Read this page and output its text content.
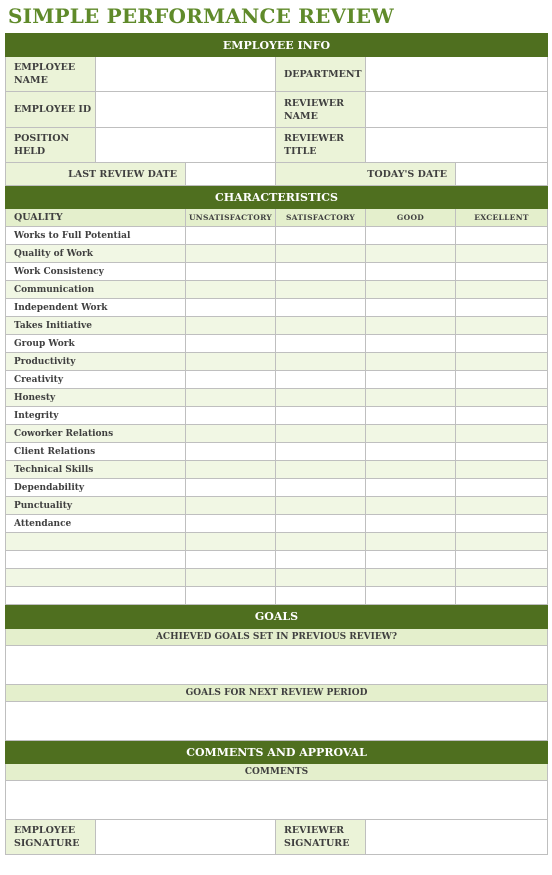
SIMPLE PERFORMANCE REVIEW
EMPLOYEE INFO					
EMPLOYEE NAME			DEPARTMENT		
EMPLOYEE ID			REVIEWER NAME		
POSITION HELD			REVIEWER TITLE		
LAST REVIEW DATE			TODAY'S DATE		
CHARACTERISTICS					
QUALITY		UNSATISFACTORY	SATISFACTORY	GOOD	EXCELLENT
Works to Full Potential					
Quality of Work					
Work Consistency					
Communication					
Independent Work					
Takes Initiative					
Group Work					
Productivity					
Creativity					
Honesty					
Integrity					
Coworker Relations					
Client Relations					
Technical Skills					
Dependability					
Punctuality					
Attendance					

GOALS					
ACHIEVED GOALS SET IN PREVIOUS REVIEW?					

GOALS FOR NEXT REVIEW PERIOD					

COMMENTS AND APPROVAL					
COMMENTS					

EMPLOYEE SIGNATURE			REVIEWER SIGNATURE		
